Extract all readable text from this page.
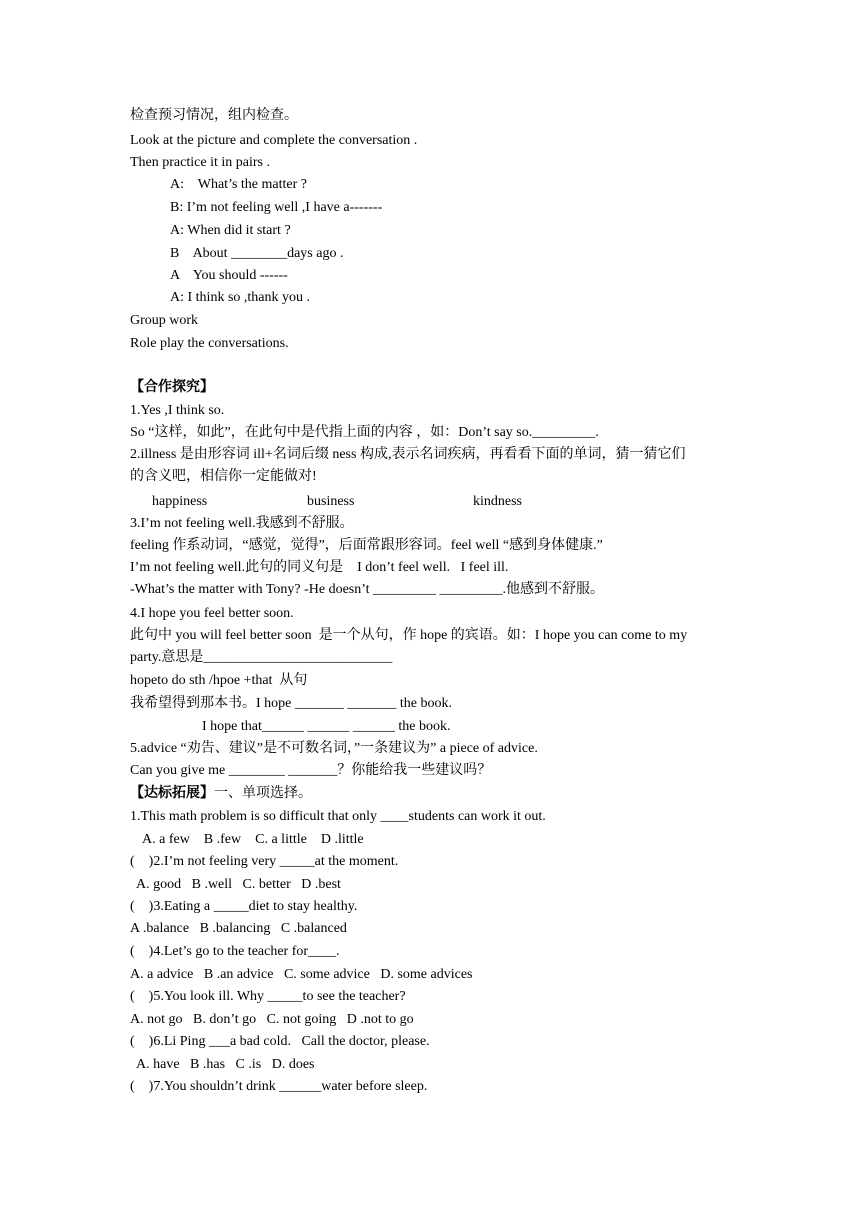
检查预习情况，组内检查。
Look at the picture and complete the conversation .
Then practice it in pairs .
A:    What’s the matter ?
B: I’m not feeling well ,I have a-------
A: When did it start ?
B    About ________days ago .
A    You should ------
A: I think so ,thank you .
Group work
Role play the conversations.
【合作探究】
1.Yes ,I think so.
So “这样，如此”，在此句中是代指上面的内容 ，如：Don’t say so._________.
2.illness 是由形容词 ill+名词后缀 ness 构成,表示名词疾病，再看看下面的单词，猜一猜它们
的含义吧，相信你一定能做对!
happiness	business	kindness
3.I’m not feeling well.我感到不舒服。
feeling 作系动词，“感觉，觉得”，后面常跟形容词。feel well “感到身体健康.”
I’m not feeling well.此句的同义句是    I don’t feel well.   I feel ill.
-What’s the matter with Tony? -He doesn’t _________ _________.他感到不舒服。
4.I hope you feel better soon.
此句中 you will feel better soon  是一个从句，作 hope 的宾语。如：I hope you can come to my
party.意思是___________________________
hopeto do sth /hpoe +that  从句
我希望得到那本书。I hope _______ _______ the book.
I hope that______ ______ ______ the book.
5.advice “劝告、建议”是不可数名词，”一条建议为” a piece of advice.
Can you give me ________ _______？你能给我一些建议吗？
【达标拓展】一、单项选择。
1.This math problem is so difficult that only ____students can work it out.
A. a few    B .few    C. a little    D .little
(    )2.I’m not feeling very _____at the moment.
A. good   B .well   C. better   D .best
(    )3.Eating a _____diet to stay healthy.
A .balance   B .balancing   C .balanced
(    )4.Let’s go to the teacher for____.
A. a advice   B .an advice   C. some advice   D. some advices
(    )5.You look ill. Why _____to see the teacher?
A. not go   B. don’t go   C. not going   D .not to go
(    )6.Li Ping ___a bad cold.   Call the doctor, please.
A. have   B .has   C .is   D. does
(    )7.You shouldn’t drink ______water before sleep.
